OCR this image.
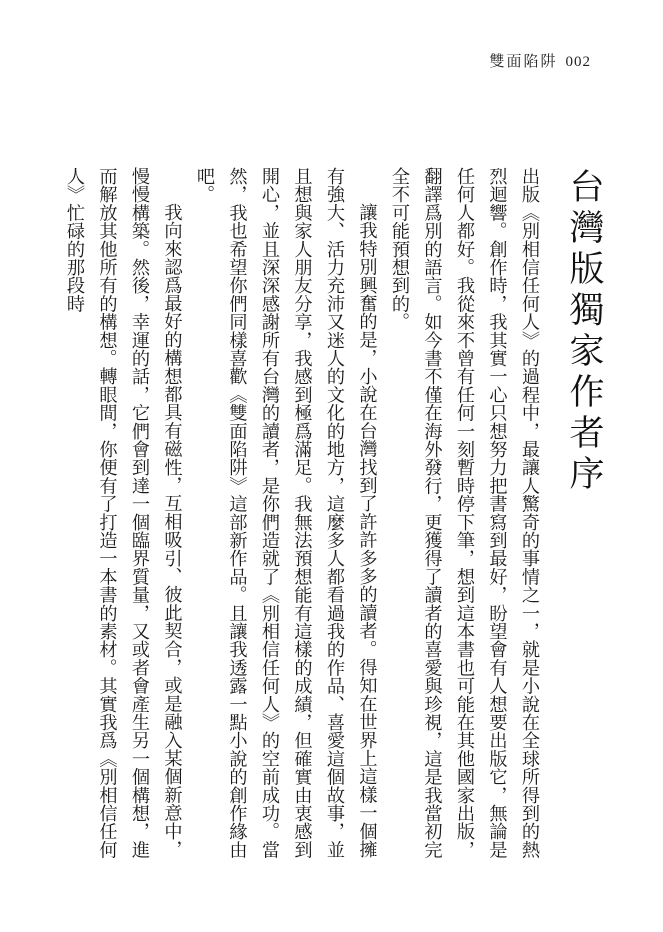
雙面陷阱 002
台灣版獨家作者序

出版《別相信任何人》的過程中，最讓人驚奇的事情之一，就是小說在全球所得到的熱烈迴響。創作時，我其實一心只想努力把書寫到最好，盼望會有人想要出版它，無論是任何人都好。我從來不曾有任何一刻暫時停下筆，想到這本書也可能在其他國家出版，翻譯爲別的語言。如今書不僅在海外發行，更獲得了讀者的喜愛與珍視，這是我當初完全不可能預想到的。

讓我特別興奮的是，小說在台灣找到了許許多多的讀者。得知在世界上這樣一個擁有強大、活力充沛又迷人的文化的地方，這麼多人都看過我的作品、喜愛這個故事，並且想與家人朋友分享，我感到極爲滿足。我無法預想能有這樣的成績，但確實由衷感到開心，並且深深感謝所有台灣的讀者，是你們造就了《別相信任何人》的空前成功。當然，我也希望你們同樣喜歡《雙面陷阱》這部新作品。且讓我透露一點小說的創作緣由吧。

我向來認爲最好的構想都具有磁性，互相吸引、彼此契合，或是融入某個新意中，慢慢構築。然後，幸運的話，它們會到達一個臨界質量，又或者會產生另一個構想，進而解放其他所有的構想。轉眼間，你便有了打造一本書的素材。其實我爲《別相信任何人》忙碌的那段時
